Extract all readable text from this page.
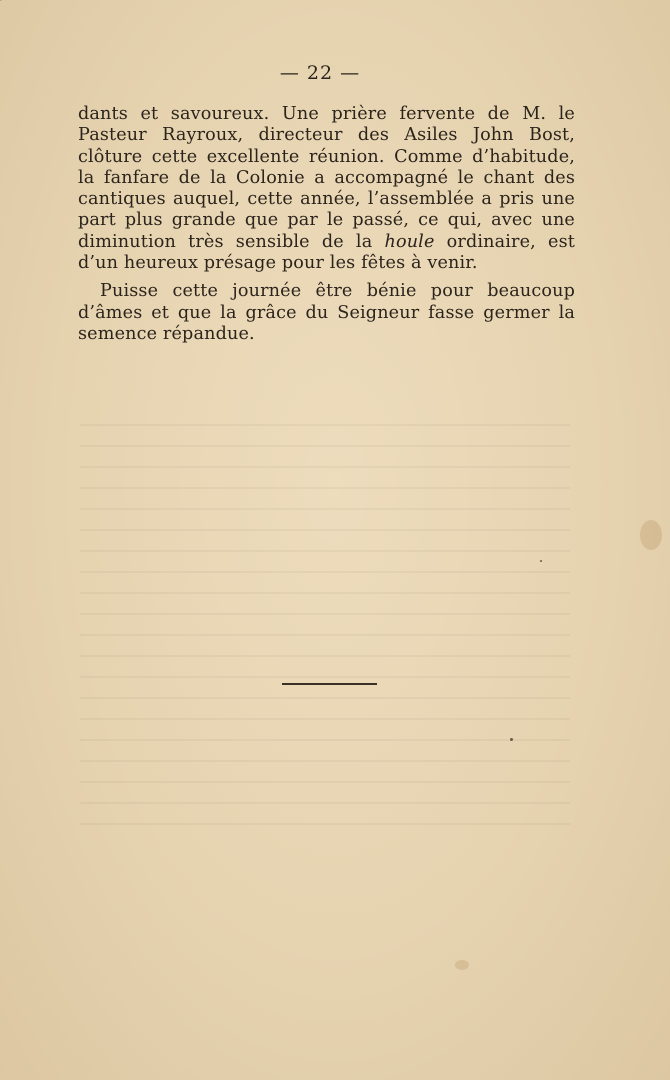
— 22 —

dants et savoureux. Une prière fervente de M. le Pasteur Rayroux, directeur des Asiles John Bost, clôture cette excellente réunion. Comme d’habitude, la fanfare de la Colonie a accompagné le chant des cantiques auquel, cette année, l’assemblée a pris une part plus grande que par le passé, ce qui, avec une diminution très sensible de la houle ordinaire, est d’un heureux présage pour les fêtes à venir.

Puisse cette journée être bénie pour beaucoup d’âmes et que la grâce du Seigneur fasse germer la semence répandue.
